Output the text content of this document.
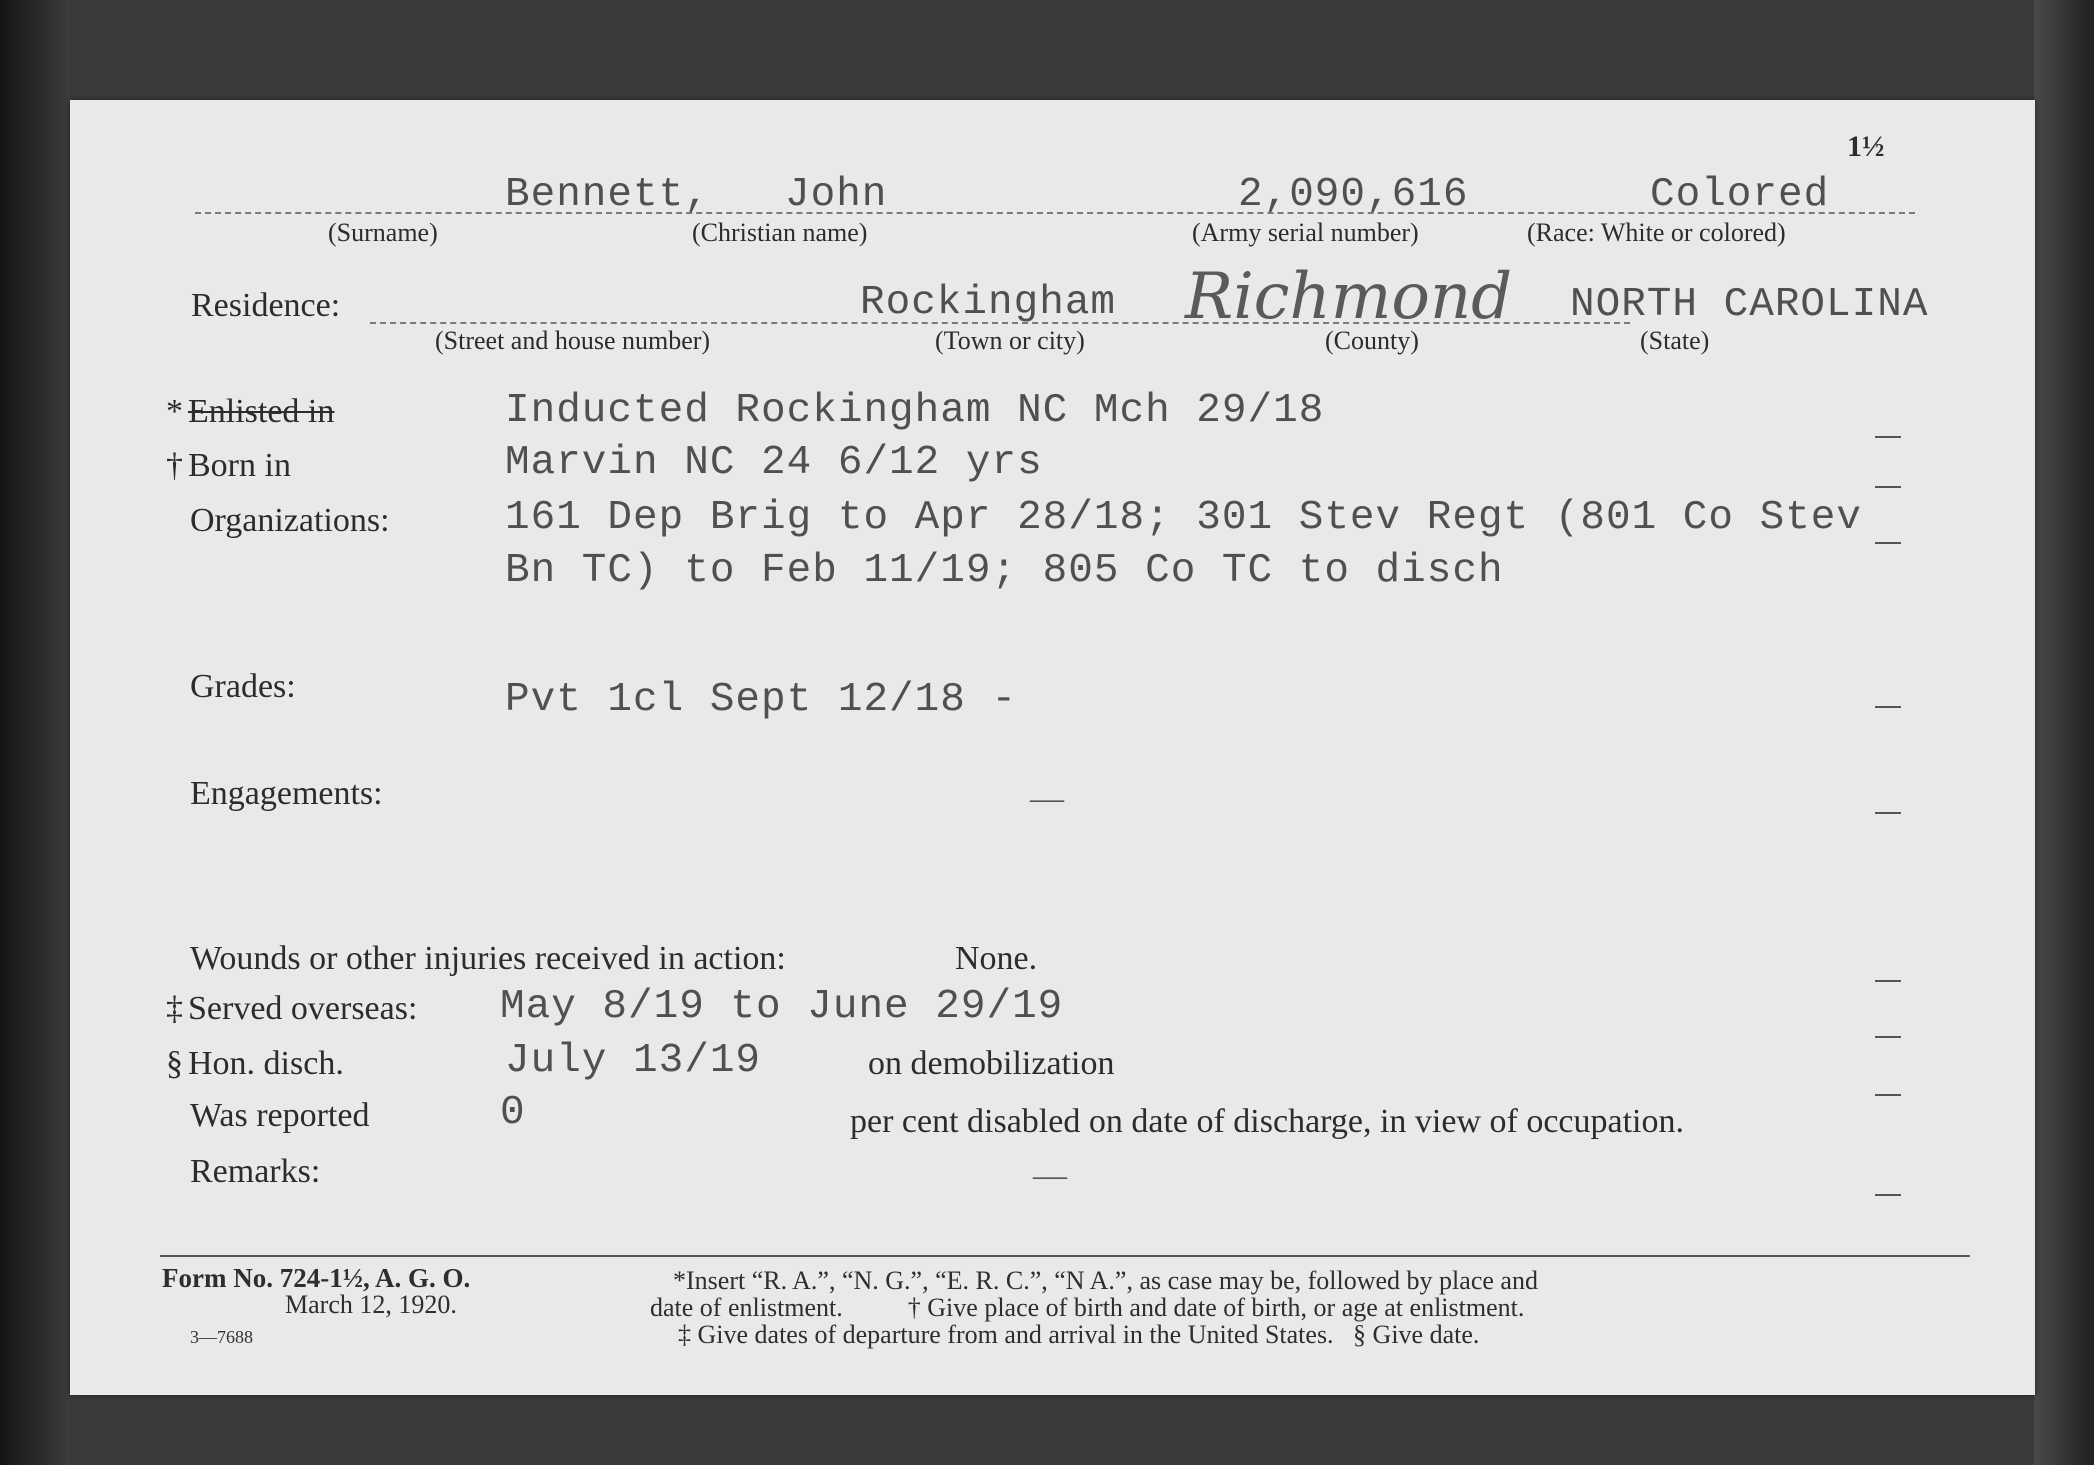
1½
Bennett, John	2,090,616	Colored
(Surname)	(Christian name)	(Army serial number)	(Race: White or colored)
Residence:	Rockingham Richmond NORTH CAROLINA
(Street and house number)	(Town or city)	(County)	(State)
* Enlisted in	Inducted Rockingham NC Mch 29/18
† Born in	Marvin NC 24 6/12 yrs
Organizations:	161 Dep Brig to Apr 28/18; 301 Stev Regt (801 Co Stev
Bn TC) to Feb 11/19; 805 Co TC to disch
Grades:	Pvt 1cl Sept 12/18 -
Engagements:	—
Wounds or other injuries received in action:	None.
‡ Served overseas: May 8/19 to June 29/19
§ Hon. disch.	July 13/19	on demobilization
Was reported	0	per cent disabled on date of discharge, in view of occupation.
Remarks:	—
Form No. 724-1½, A. G. O.
March 12, 1920.
3—7688
*Insert “R. A.”, “N. G.”, “E. R. C.”, “N A.”, as case may be, followed by place and
date of enlistment.          † Give place of birth and date of birth, or age at enlistment.
‡ Give dates of departure from and arrival in the United States.   § Give date.
